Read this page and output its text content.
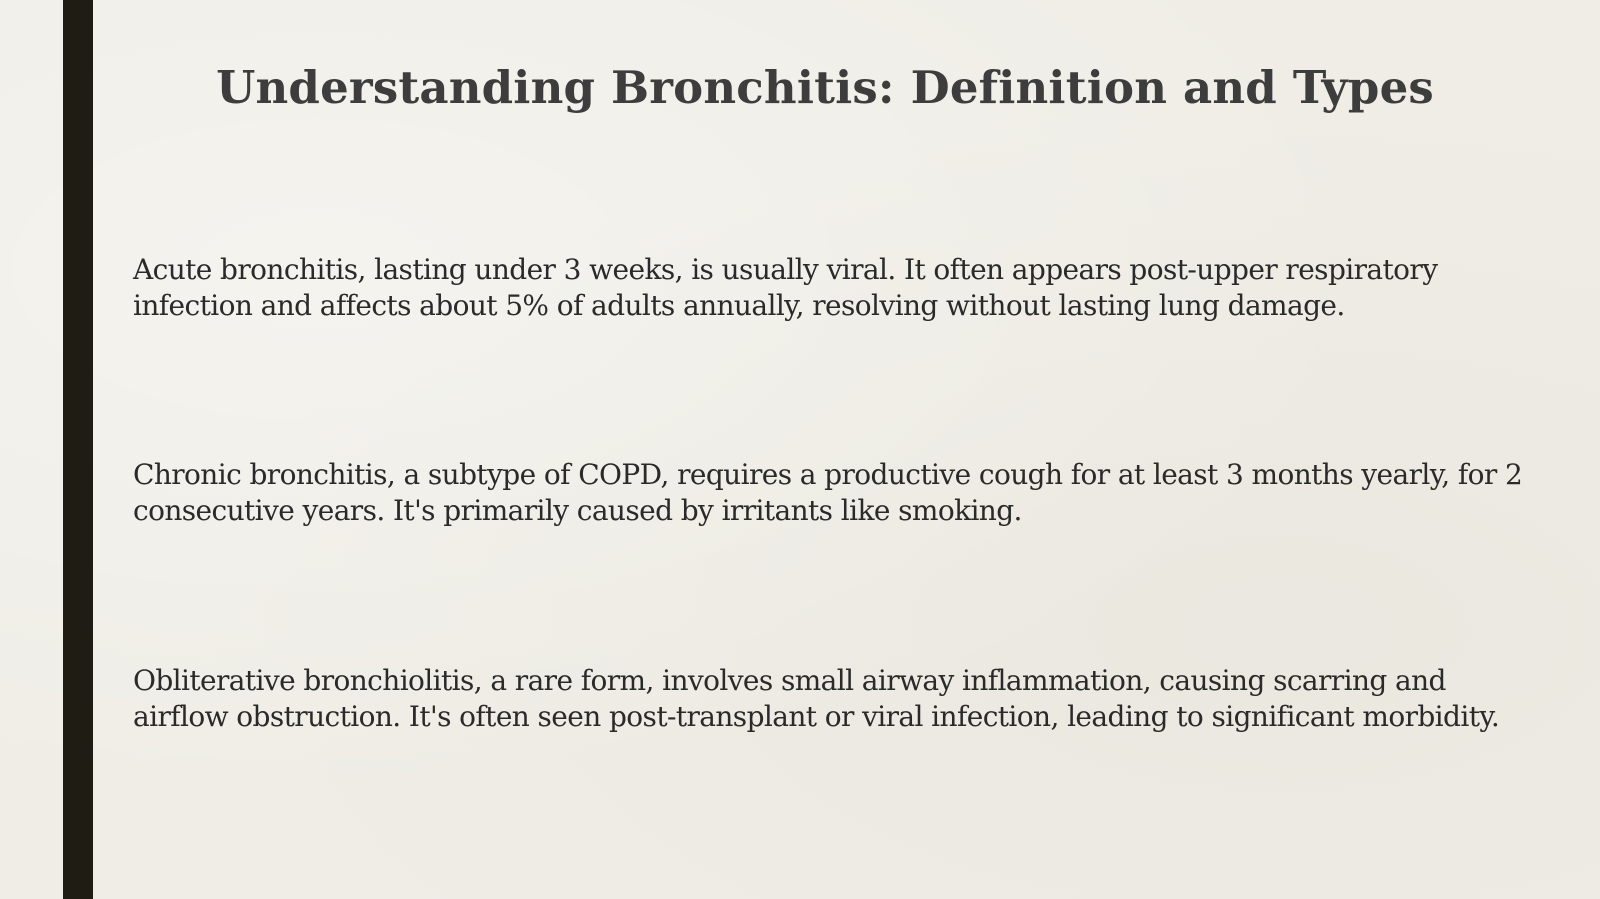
Understanding Bronchitis: Definition and Types

Acute bronchitis, lasting under 3 weeks, is usually viral. It often appears post-upper respiratory infection and affects about 5% of adults annually, resolving without lasting lung damage.

Chronic bronchitis, a subtype of COPD, requires a productive cough for at least 3 months yearly, for 2 consecutive years. It's primarily caused by irritants like smoking.

Obliterative bronchiolitis, a rare form, involves small airway inflammation, causing scarring and airflow obstruction. It's often seen post-transplant or viral infection, leading to significant morbidity.
